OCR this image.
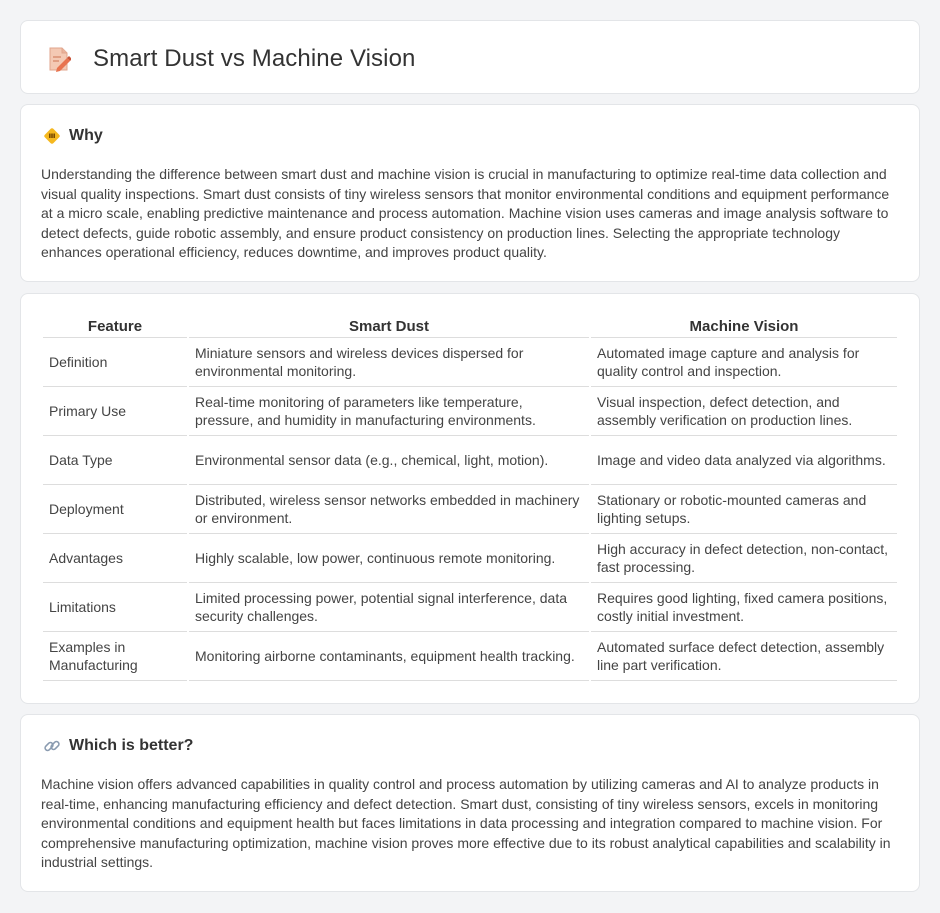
Smart Dust vs Machine Vision
Why

Understanding the difference between smart dust and machine vision is crucial in manufacturing to optimize real-time data collection and visual quality inspections. Smart dust consists of tiny wireless sensors that monitor environmental conditions and equipment performance at a micro scale, enabling predictive maintenance and process automation. Machine vision uses cameras and image analysis software to detect defects, guide robotic assembly, and ensure product consistency on production lines. Selecting the appropriate technology enhances operational efficiency, reduces downtime, and improves product quality.

Feature	Smart Dust	Machine Vision
Definition	Miniature sensors and wireless devices dispersed for environmental monitoring.	Automated image capture and analysis for quality control and inspection.
Primary Use	Real-time monitoring of parameters like temperature, pressure, and humidity in manufacturing environments.	Visual inspection, defect detection, and assembly verification on production lines.
Data Type	Environmental sensor data (e.g., chemical, light, motion).	Image and video data analyzed via algorithms.
Deployment	Distributed, wireless sensor networks embedded in machinery or environment.	Stationary or robotic-mounted cameras and lighting setups.
Advantages	Highly scalable, low power, continuous remote monitoring.	High accuracy in defect detection, non-contact, fast processing.
Limitations	Limited processing power, potential signal interference, data security challenges.	Requires good lighting, fixed camera positions, costly initial investment.
Examples in Manufacturing	Monitoring airborne contaminants, equipment health tracking.	Automated surface defect detection, assembly line part verification.
Which is better?

Machine vision offers advanced capabilities in quality control and process automation by utilizing cameras and AI to analyze products in real-time, enhancing manufacturing efficiency and defect detection. Smart dust, consisting of tiny wireless sensors, excels in monitoring environmental conditions and equipment health but faces limitations in data processing and integration compared to machine vision. For comprehensive manufacturing optimization, machine vision proves more effective due to its robust analytical capabilities and scalability in industrial settings.
